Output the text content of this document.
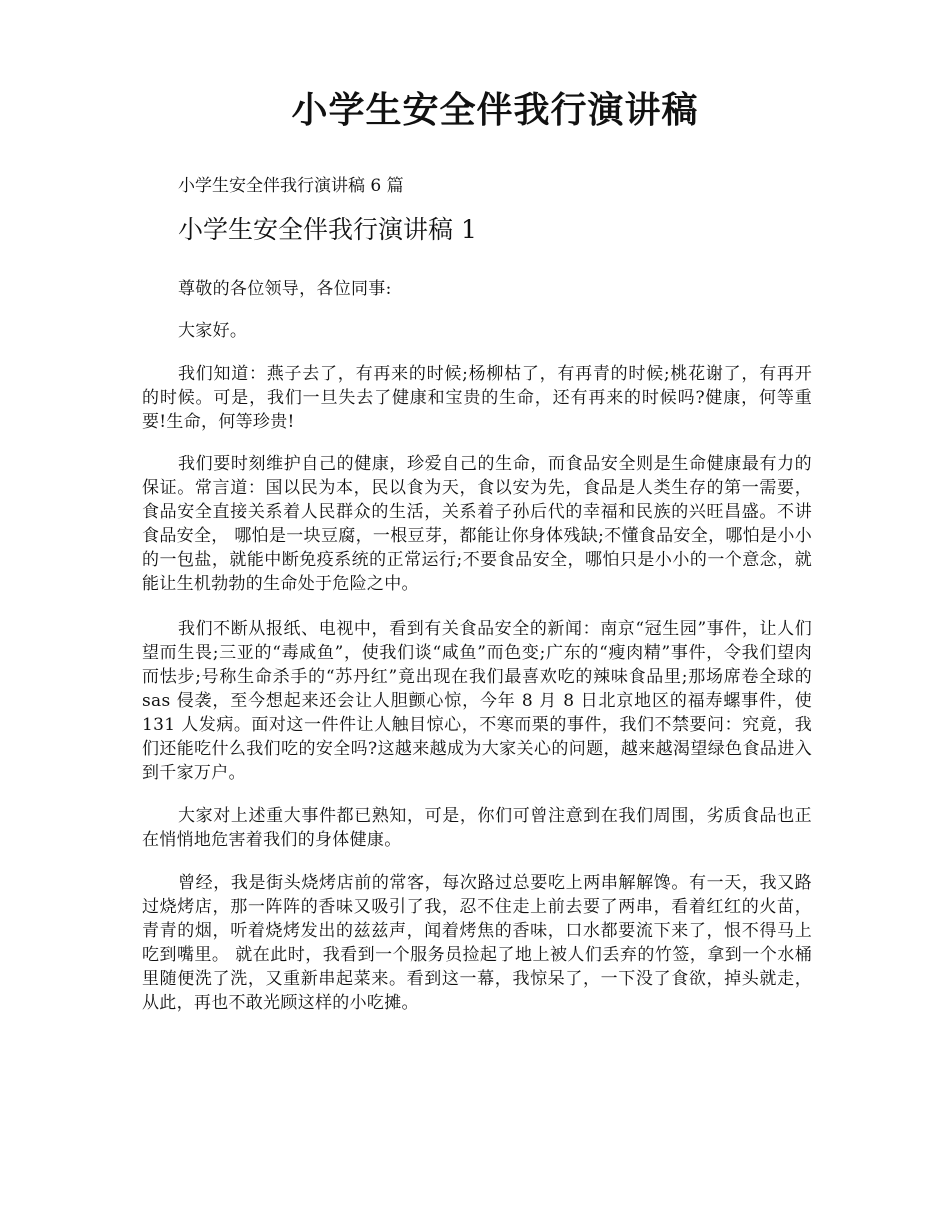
小学生安全伴我行演讲稿

小学生安全伴我行演讲稿 6 篇

小学生安全伴我行演讲稿 1

尊敬的各位领导，各位同事:

大家好。

我们知道：燕子去了，有再来的时候;杨柳枯了，有再青的时候;桃花谢了，有再开的时候。可是，我们一旦失去了健康和宝贵的生命，还有再来的时候吗?健康，何等重要!生命，何等珍贵!

我们要时刻维护自己的健康，珍爱自己的生命，而食品安全则是生命健康最有力的保证。常言道：国以民为本，民以食为天，食以安为先，食品是人类生存的第一需要，食品安全直接关系着人民群众的生活，关系着子孙后代的幸福和民族的兴旺昌盛。不讲食品安全， 哪怕是一块豆腐，一根豆芽，都能让你身体残缺;不懂食品安全，哪怕是小小的一包盐，就能中断免疫系统的正常运行;不要食品安全，哪怕只是小小的一个意念，就能让生机勃勃的生命处于危险之中。

我们不断从报纸、电视中，看到有关食品安全的新闻：南京“冠生园”事件，让人们望而生畏;三亚的“毒咸鱼”，使我们谈“咸鱼”而色变;广东的“瘦肉精”事件，令我们望肉而怯步;号称生命杀手的“苏丹红”竟出现在我们最喜欢吃的辣味食品里;那场席卷全球的 sas 侵袭，至今想起来还会让人胆颤心惊，今年 8 月 8 日北京地区的福寿螺事件，使 131 人发病。面对这一件件让人触目惊心，不寒而栗的事件，我们不禁要问：究竟，我们还能吃什么我们吃的安全吗?这越来越成为大家关心的问题，越来越渴望绿色食品进入到千家万户。

大家对上述重大事件都已熟知，可是，你们可曾注意到在我们周围，劣质食品也正在悄悄地危害着我们的身体健康。

曾经，我是街头烧烤店前的常客，每次路过总要吃上两串解解馋。有一天，我又路过烧烤店，那一阵阵的香味又吸引了我，忍不住走上前去要了两串，看着红红的火苗，青青的烟，听着烧烤发出的兹兹声，闻着烤焦的香味，口水都要流下来了，恨不得马上吃到嘴里。 就在此时，我看到一个服务员捡起了地上被人们丢弃的竹签，拿到一个水桶里随便洗了洗，又重新串起菜来。看到这一幕，我惊呆了，一下没了食欲，掉头就走，从此，再也不敢光顾这样的小吃摊。
